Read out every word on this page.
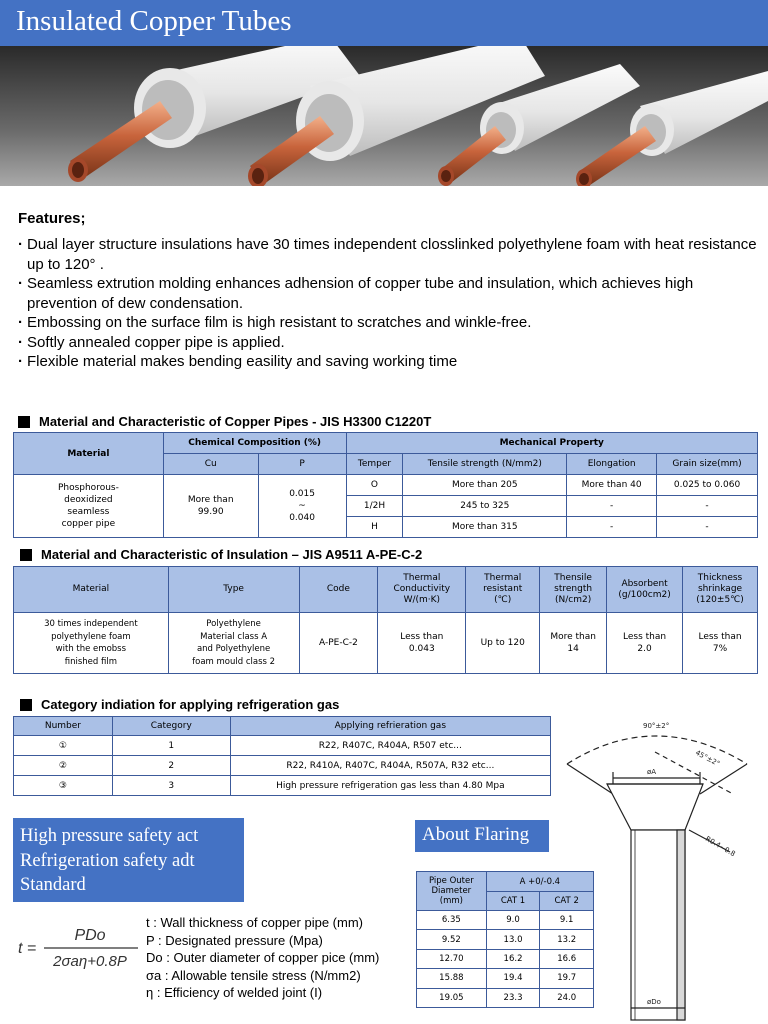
Insulated Copper Tubes
Features;
· Dual layer structure insulations have 30 times independent closslinked polyethylene foam with heat resistance up to 120° .
· Seamless extrution molding enhances adhension of copper tube and insulation, which achieves high prevention of dew condensation.
· Embossing on the surface film is high resistant to scratches and winkle-free.
· Softly annealed copper pipe is applied.
· Flexible material makes bending easility and saving working time
Material and Characteristic of Copper Pipes - JIS H3300 C1220T
Material	Chemical Composition (%)		Mechanical Property			
	Cu	P	Temper	Tensile strength (N/mm2)	Elongation	Grain size(mm)
Phosphorous-
deoxidized
seamless
copper pipe	More than
99.90	0.015
~
0.040	O	More than 205	More than 40	0.025 to 0.060
			1/2H	245 to 325	-	-
			H	More than 315	-	-
Material and Characteristic of Insulation – JIS A9511 A-PE-C-2
Material	Type	Code	Thermal
Conductivity
W/(m·K)	Thermal
resistant
(℃)	Thensile
strength
(N/cm2)	Absorbent
(g/100cm2)	Thickness
shrinkage
(120±5℃)
30 times independent
polyethylene foam
with the emobss
finished film	Polyethylene
Material class A
and Polyethylene
foam mould class 2	A-PE-C-2	Less than
0.043	Up to 120	More than
14	Less than
2.0	Less than
7%
Category indiation for applying refrigeration gas
Number	Category	Applying refrieration gas
①	1	R22, R407C, R404A, R507 etc...
②	2	R22, R410A, R407C, R404A, R507A, R32 etc...
③	3	High pressure refrigeration gas less than 4.80 Mpa
High pressure safety act
Refrigeration safety adt
Standard
t =
PDo
2σaη+0.8P
t : Wall thickness of copper pipe (mm)
P : Designated pressure (Mpa)
Do : Outer diameter of copper pice (mm)
σa : Allowable tensile stress (N/mm2)
η : Efficiency of welded joint (I)
About Flaring
Pipe Outer
Diameter
(mm)	A +0/-0.4	
	CAT 1	CAT 2
6.35	9.0	9.1
9.52	13.0	13.2
12.70	16.2	16.6
15.88	19.4	19.7
19.05	23.3	24.0
90°±2°
45°±2°
øA
R0.4~0.8
øDo
